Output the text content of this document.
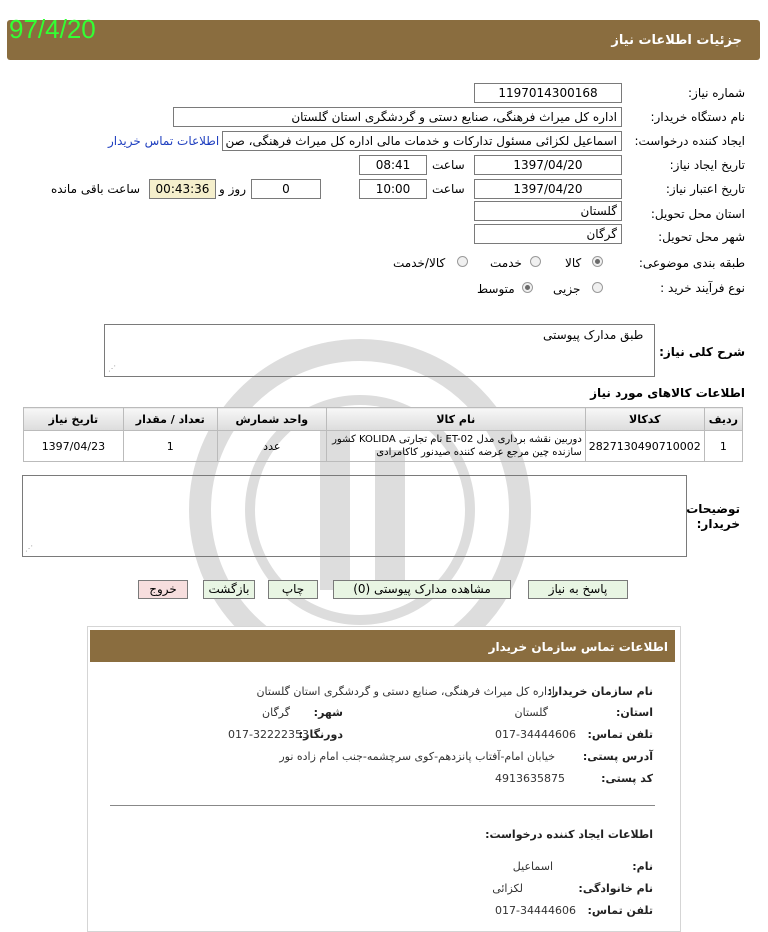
جزئیات اطلاعات نیاز
97/4/20
شماره نیاز:
1197014300168
نام دستگاه خریدار:
اداره کل میراث فرهنگی، صنایع دستی و گردشگری استان گلستان
ایجاد کننده درخواست:
اسماعیل لکزائی مسئول تدارکات و خدمات مالی اداره کل میراث فرهنگی، صن
اطلاعات تماس خریدار
تاریخ ایجاد نیاز:
1397/04/20
ساعت
08:41
تاریخ اعتبار نیاز:
1397/04/20
ساعت
10:00
0
روز و
00:43:36
ساعت باقی مانده
استان محل تحویل:
گلستان
شهر محل تحویل:
گرگان
طبقه بندی موضوعی:
کالا
خدمت
کالا/خدمت
نوع فرآیند خرید :
جزیی
متوسط
طبق مدارک پیوستی
⋰
شرح کلی نیاز:
اطلاعات کالاهای مورد نیاز
ردیف	کدکالا	نام کالا	واحد شمارش	تعداد / مقدار	تاریخ نیاز
1	2827130490710002	دوربین نقشه برداری مدل ET-02 نام تجارتی KOLIDA کشور سازنده چین مرجع عرضه کننده صیدنور کاکامرادی	عدد	1	1397/04/23
⋰
توضیحات خریدار:
پاسخ به نیاز
مشاهده مدارک پیوستی (0)
چاپ
بازگشت
خروج
اطلاعات تماس سازمان خریدار
نام سازمان خریدار:
اداره کل میراث فرهنگی، صنایع دستی و گردشگری استان گلستان
استان:
گلستان
شهر:
گرگان
تلفن تماس:
017-34444606
دورنگار:
017-32222353
آدرس پستی:
خیابان امام-آفتاب پانزدهم-کوی سرچشمه-جنب امام زاده نور
کد پستی:
4913635875
اطلاعات ایجاد کننده درخواست:
نام:
اسماعیل
نام خانوادگی:
لکزائی
تلفن تماس:
017-34444606
